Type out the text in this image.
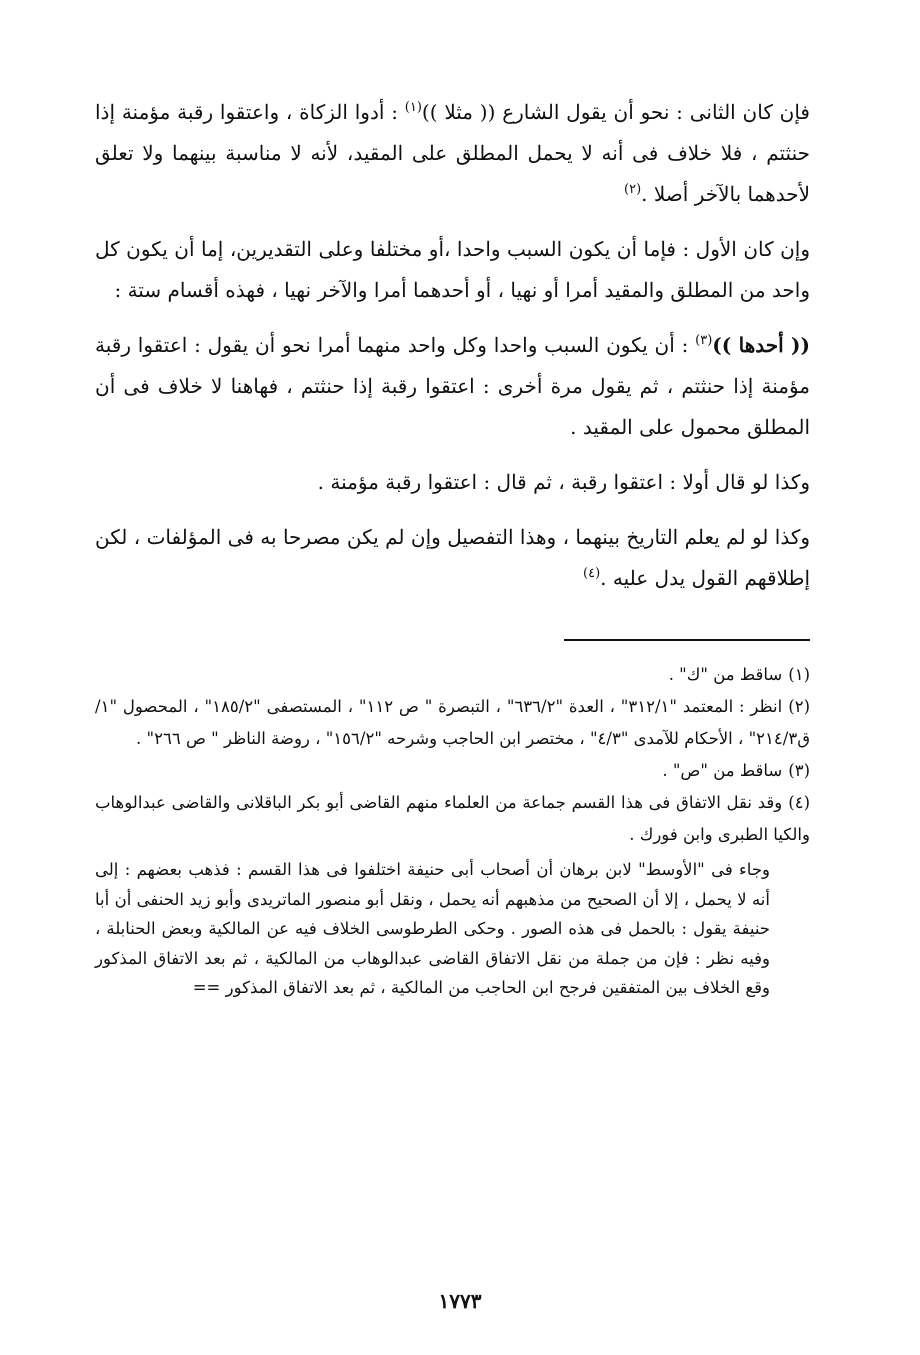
فإن كان الثانى : نحو أن يقول الشارع (( مثلا ))$^{(١)}$ : أدوا الزكاة ، واعتقوا رقبة مؤمنة إذا حنثتم ، فلا خلاف فى أنه لا يحمل المطلق على المقيد، لأنه لا مناسبة بينهما ولا تعلق لأحدهما بالآخر أصلا .$^{(٢)}$

وإن كان الأول : فإما أن يكون السبب واحدا ،أو مختلفا وعلى التقديرين، إما أن يكون كل واحد من المطلق والمقيد أمرا أو نهيا ، أو أحدهما أمرا والآخر نهيا ، فهذه أقسام ستة :

(( أحدها ))$^{(٣)}$ : أن يكون السبب واحدا وكل واحد منهما أمرا نحو أن يقول : اعتقوا رقبة مؤمنة إذا حنثتم ، ثم يقول مرة أخرى : اعتقوا رقبة إذا حنثتم ، فهاهنا لا خلاف فى أن المطلق محمول على المقيد .

وكذا لو قال أولا : اعتقوا رقبة ، ثم قال : اعتقوا رقبة مؤمنة .

وكذا لو لم يعلم التاريخ بينهما ، وهذا التفصيل وإن لم يكن مصرحا به فى المؤلفات ، لكن إطلاقهم القول يدل عليه .$^{(٤)}$

(١)ساقط من "ك" .

(٢)انظر : المعتمد "٣١٢/١" ، العدة "٦٣٦/٢" ، التبصرة " ص ١١٢" ، المستصفى "١٨٥/٢" ، المحصول "١/ق٢١٤/٣" ، الأحكام للآمدى "٤/٣" ، مختصر ابن الحاجب وشرحه "١٥٦/٢" ، روضة الناظر " ص ٢٦٦" .

(٣)ساقط من "ص" .

(٤)وقد نقل الاتفاق فى هذا القسم جماعة من العلماء منهم القاضى أبو بكر الباقلانى والقاضى عبدالوهاب والكيا الطبرى وابن فورك .

وجاء فى "الأوسط" لابن برهان أن أصحاب أبى حنيفة اختلفوا فى هذا القسم : فذهب بعضهم : إلى أنه لا يحمل ، إلا أن الصحيح من مذهبهم أنه يحمل ، ونقل أبو منصور الماتريدى وأبو زيد الحنفى أن أبا حنيفة يقول : بالحمل فى هذه الصور . وحكى الطرطوسى الخلاف فيه عن المالكية وبعض الحنابلة ، وفيه نظر : فإن من جملة من نقل الاتفاق القاضى عبدالوهاب من المالكية ، ثم بعد الاتفاق المذكور وقع الخلاف بين المتفقين فرجح ابن الحاجب من المالكية ، ثم بعد الاتفاق المذكور ==

١٧٧٣
